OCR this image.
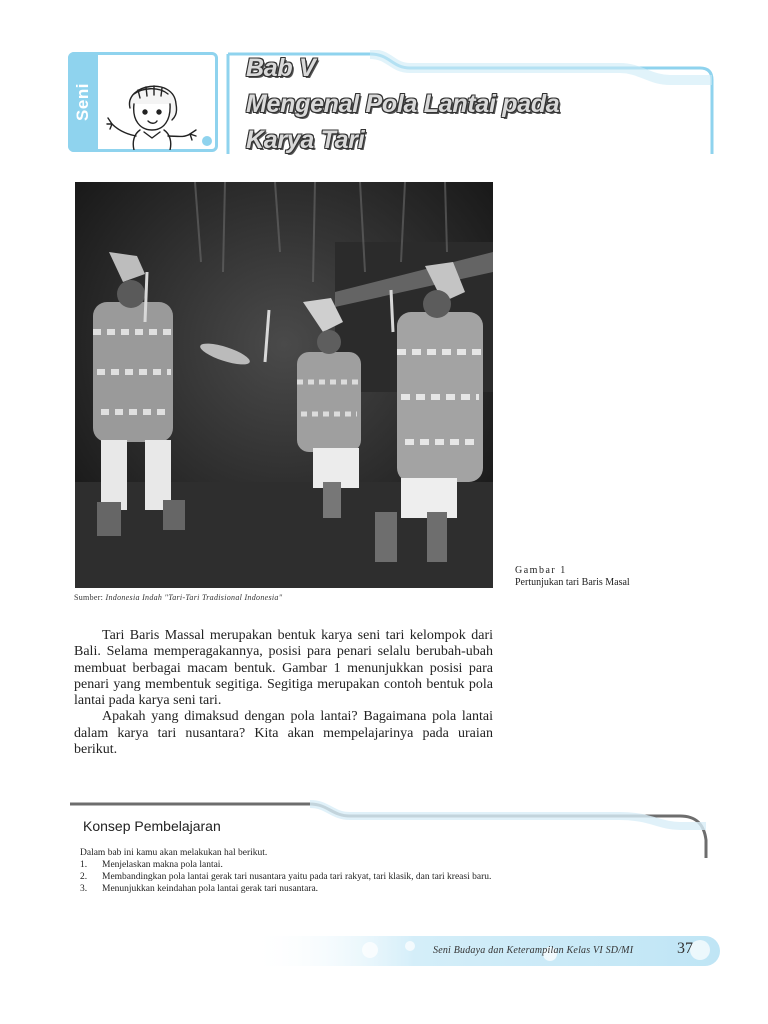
Seni Tari
Bab V
Mengenal Pola Lantai pada
Karya Tari
Sumber: Indonesia Indah "Tari-Tari Tradisional Indonesia"
Gambar 1
Pertunjukan tari Baris Masal

Tari Baris Massal merupakan bentuk karya seni tari kelompok dari Bali. Selama memperagakannya, posisi para penari selalu berubah-ubah membuat berbagai macam bentuk. Gambar 1 menunjukkan posisi para penari yang membentuk segitiga. Segitiga merupakan contoh bentuk pola lantai pada karya seni tari.

Apakah yang dimaksud dengan pola lantai? Bagaimana pola lantai dalam karya tari nusantara? Kita akan mempelajarinya pada uraian berikut.

Konsep Pembelajaran
Dalam bab ini kamu akan melakukan hal berikut.
1. Menjelaskan makna pola lantai.
2. Membandingkan pola lantai gerak tari nusantara yaitu pada tari rakyat, tari klasik, dan tari kreasi baru.
3. Menunjukkan keindahan pola lantai gerak tari nusantara.
Seni Budaya dan Keterampilan Kelas VI SD/MI	37
